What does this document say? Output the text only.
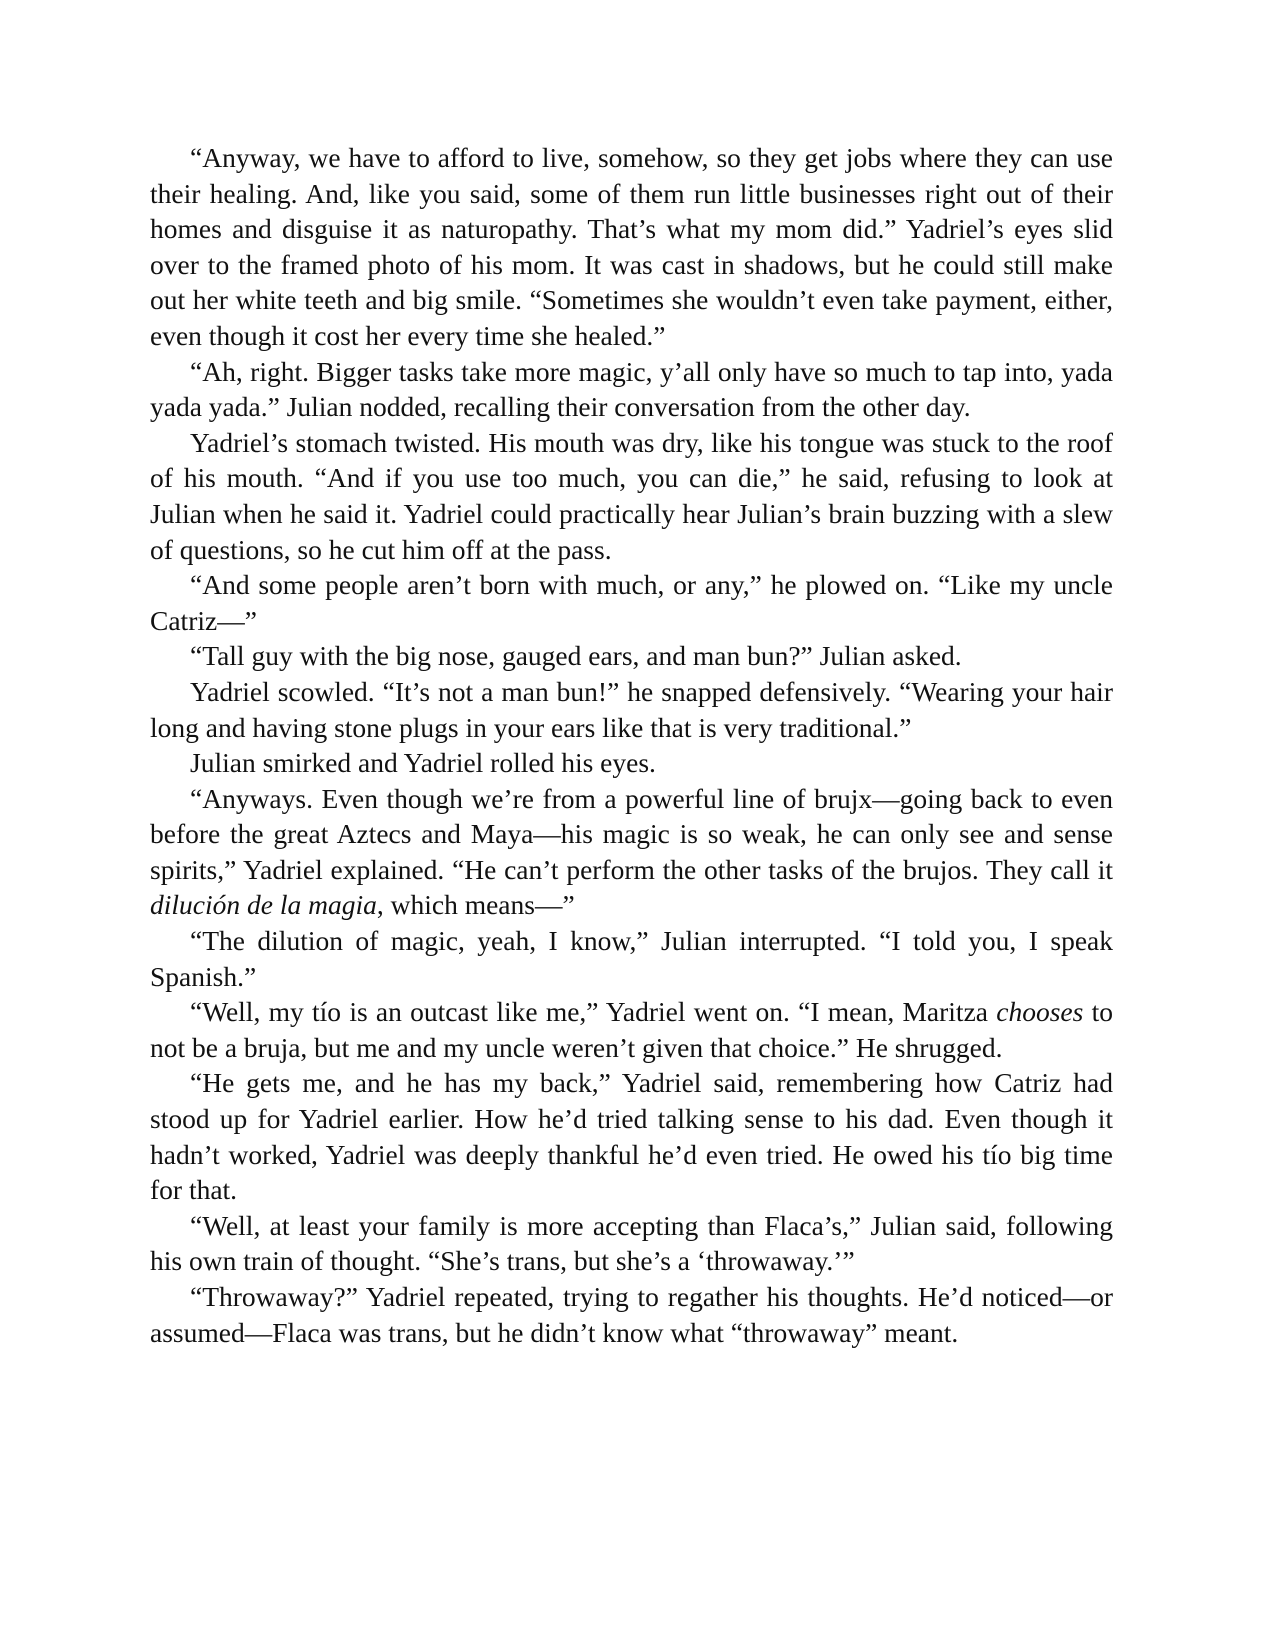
“Anyway, we have to afford to live, somehow, so they get jobs where they can use their healing. And, like you said, some of them run little businesses right out of their homes and disguise it as naturopathy. That’s what my mom did.” Yadriel’s eyes slid over to the framed photo of his mom. It was cast in shadows, but he could still make out her white teeth and big smile. “Sometimes she wouldn’t even take payment, either, even though it cost her every time she healed.”

“Ah, right. Bigger tasks take more magic, y’all only have so much to tap into, yada yada yada.” Julian nodded, recalling their conversation from the other day.

Yadriel’s stomach twisted. His mouth was dry, like his tongue was stuck to the roof of his mouth. “And if you use too much, you can die,” he said, refusing to look at Julian when he said it. Yadriel could practically hear Julian’s brain buzzing with a slew of questions, so he cut him off at the pass.

“And some people aren’t born with much, or any,” he plowed on. “Like my uncle Catriz—”

“Tall guy with the big nose, gauged ears, and man bun?” Julian asked.

Yadriel scowled. “It’s not a man bun!” he snapped defensively. “Wearing your hair long and having stone plugs in your ears like that is very traditional.”

Julian smirked and Yadriel rolled his eyes.

“Anyways. Even though we’re from a powerful line of brujx—going back to even before the great Aztecs and Maya—his magic is so weak, he can only see and sense spirits,” Yadriel explained. “He can’t perform the other tasks of the brujos. They call it dilución de la magia, which means—”

“The dilution of magic, yeah, I know,” Julian interrupted. “I told you, I speak Spanish.”

“Well, my tío is an outcast like me,” Yadriel went on. “I mean, Maritza chooses to not be a bruja, but me and my uncle weren’t given that choice.” He shrugged.

“He gets me, and he has my back,” Yadriel said, remembering how Catriz had stood up for Yadriel earlier. How he’d tried talking sense to his dad. Even though it hadn’t worked, Yadriel was deeply thankful he’d even tried. He owed his tío big time for that.

“Well, at least your family is more accepting than Flaca’s,” Julian said, following his own train of thought. “She’s trans, but she’s a ‘throwaway.’”

“Throwaway?” Yadriel repeated, trying to regather his thoughts. He’d noticed—or assumed—Flaca was trans, but he didn’t know what “throwaway” meant.
